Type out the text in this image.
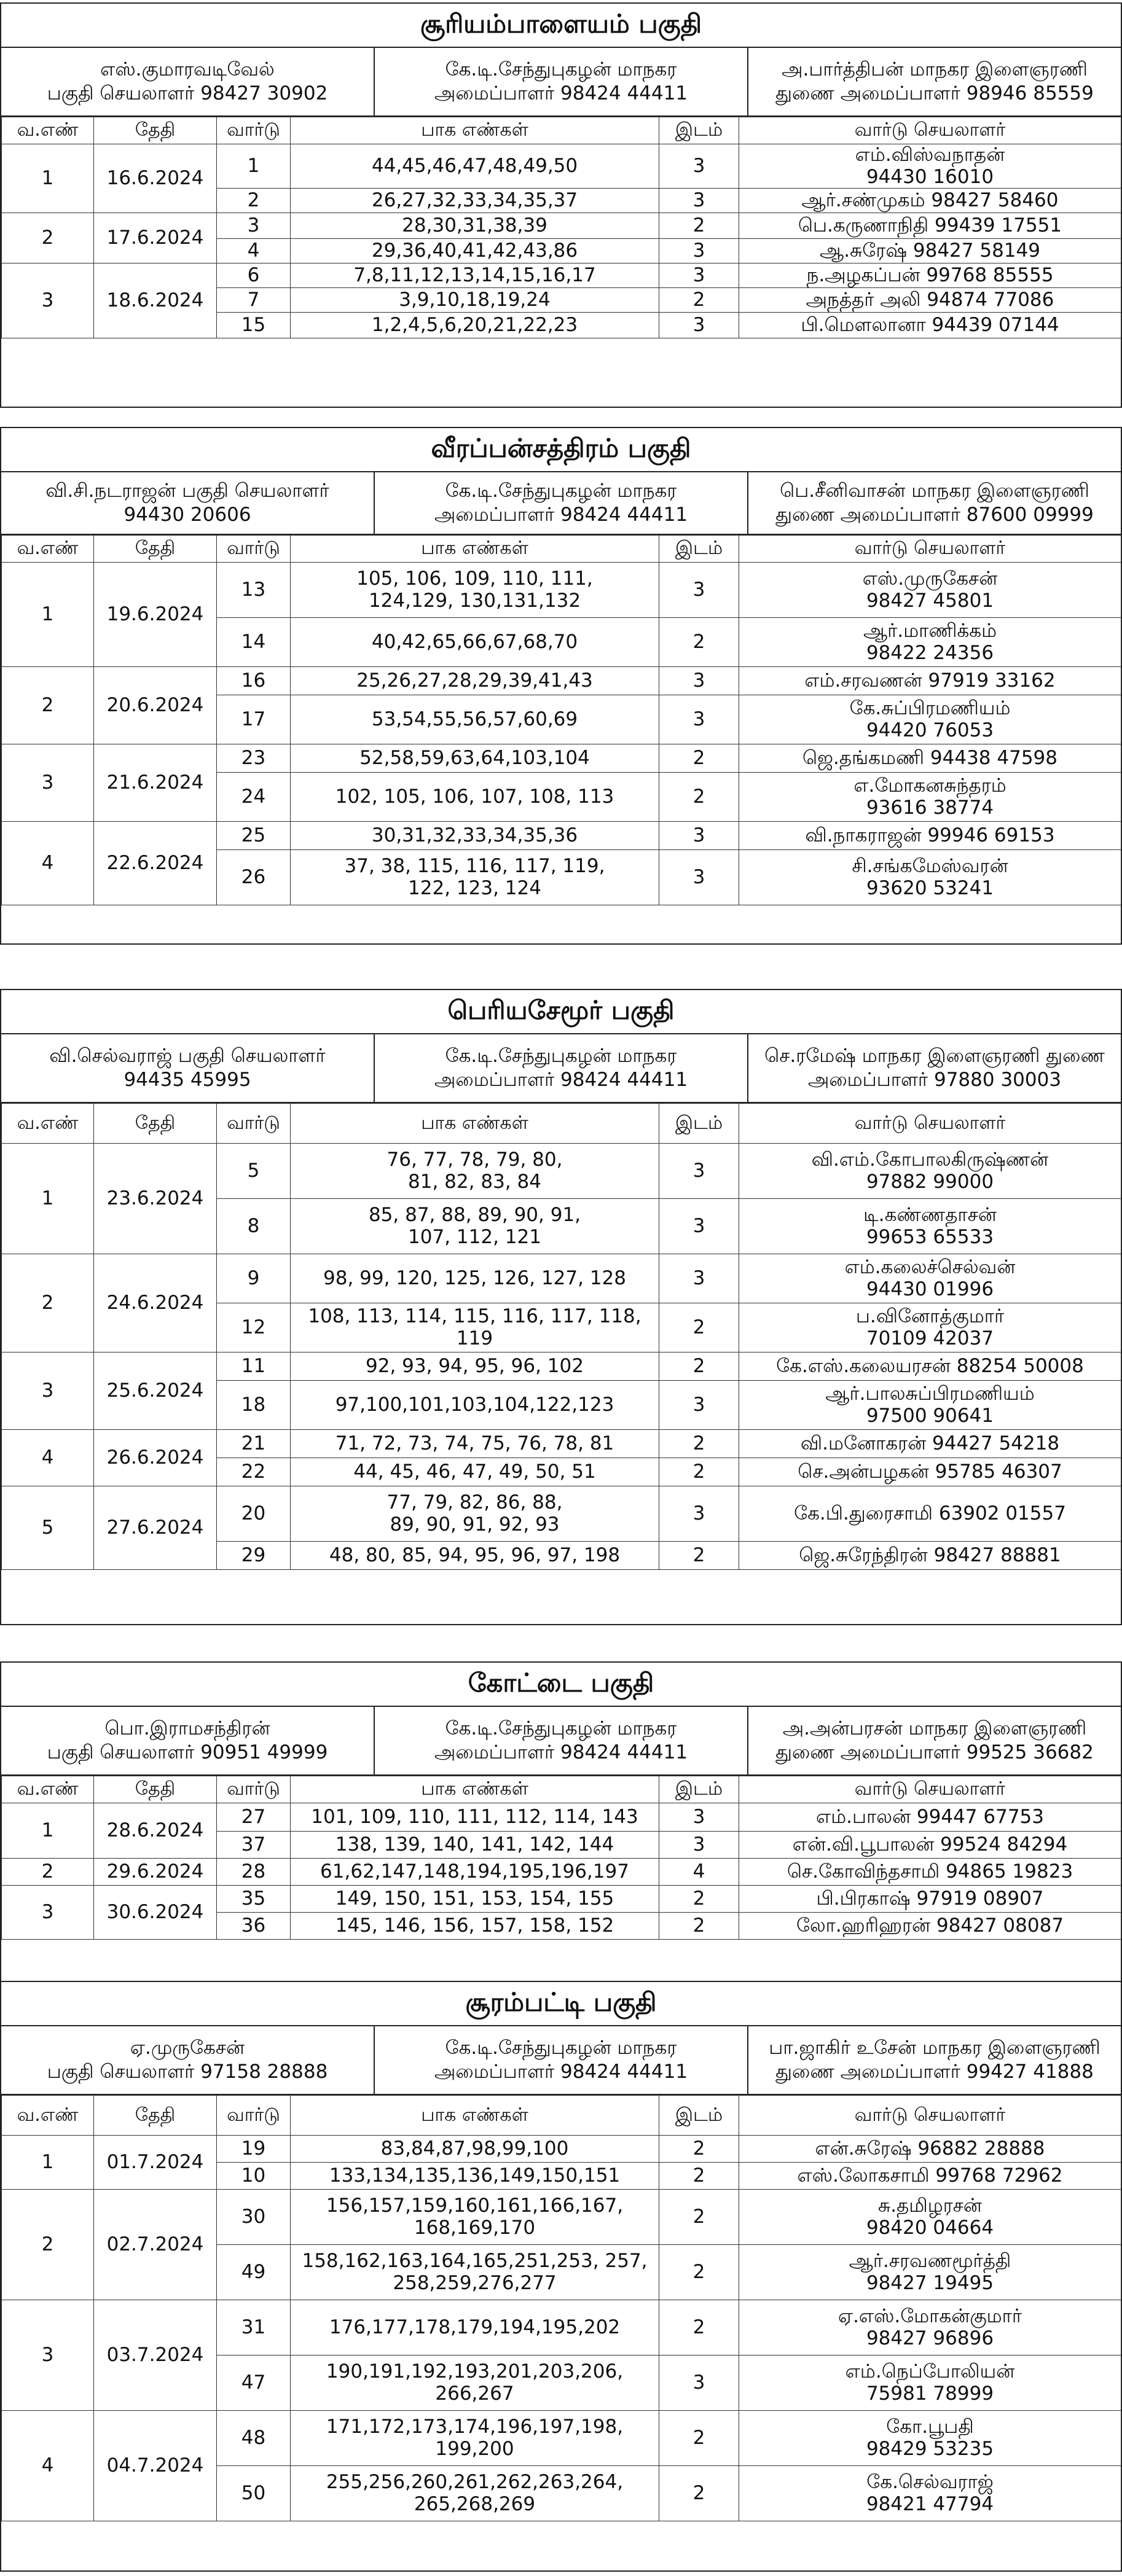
சூரியம்பாளையம் பகுதி
எஸ்.குமாரவடிவேல்
பகுதி செயலாளர் 98427 30902
கே.டி.சேந்துபுகழன் மாநகர
அமைப்பாளர் 98424 44411
அ.பார்த்திபன் மாநகர இளைஞரணி
துணை அமைப்பாளர் 98946 85559
வ.எண்	தேதி	வார்டு	பாக எண்கள்	இடம்	வார்டு செயலாளர்
1	16.6.2024	1	44,45,46,47,48,49,50	3	எம்.விஸ்வநாதன்
94430 16010

		2	26,27,32,33,34,35,37	3	ஆர்.சண்முகம் 98427 58460

2	17.6.2024	3	28,30,31,38,39	2	பெ.கருணாநிதி 99439 17551

		4	29,36,40,41,42,43,86	3	ஆ.சுரேஷ் 98427 58149

3	18.6.2024	6	7,8,11,12,13,14,15,16,17	3	ந.அழகப்பன் 99768 85555

		7	3,9,10,18,19,24	2	அநத்தர் அலி 94874 77086

		15	1,2,4,5,6,20,21,22,23	3	பி.மௌலானா 94439 07144
வீரப்பன்சத்திரம் பகுதி
வி.சி.நடராஜன் பகுதி செயலாளர்
94430 20606
கே.டி.சேந்துபுகழன் மாநகர
அமைப்பாளர் 98424 44411
பெ.சீனிவாசன் மாநகர இளைஞரணி
துணை அமைப்பாளர் 87600 09999
வ.எண்	தேதி	வார்டு	பாக எண்கள்	இடம்	வார்டு செயலாளர்
1	19.6.2024	13	105, 106, 109, 110, 111,
124,129, 130,131,132	3	எஸ்.முருகேசன்
98427 45801

		14	40,42,65,66,67,68,70	2	ஆர்.மாணிக்கம்
98422 24356

2	20.6.2024	16	25,26,27,28,29,39,41,43	3	எம்.சரவணன் 97919 33162

		17	53,54,55,56,57,60,69	3	கே.சுப்பிரமணியம்
94420 76053

3	21.6.2024	23	52,58,59,63,64,103,104	2	ஜெ.தங்கமணி 94438 47598

		24	102, 105, 106, 107, 108, 113	2	எ.மோகனசுந்தரம்
93616 38774

4	22.6.2024	25	30,31,32,33,34,35,36	3	வி.நாகராஜன் 99946 69153

		26	37, 38, 115, 116, 117, 119,
122, 123, 124	3	சி.சங்கமேஸ்வரன்
93620 53241
பெரியசேமூர் பகுதி
வி.செல்வராஜ் பகுதி செயலாளர்
94435 45995
கே.டி.சேந்துபுகழன் மாநகர
அமைப்பாளர் 98424 44411
செ.ரமேஷ் மாநகர இளைஞரணி துணை
அமைப்பாளர் 97880 30003
வ.எண்	தேதி	வார்டு	பாக எண்கள்	இடம்	வார்டு செயலாளர்
1	23.6.2024	5	76, 77, 78, 79, 80,
81, 82, 83, 84	3	வி.எம்.கோபாலகிருஷ்ணன்
97882 99000

		8	85, 87, 88, 89, 90, 91,
107, 112, 121	3	டி.கண்ணதாசன்
99653 65533

2	24.6.2024	9	98, 99, 120, 125, 126, 127, 128	3	எம்.கலைச்செல்வன்
94430 01996

		12	108, 113, 114, 115, 116, 117, 118,
119	2	ப.வினோத்குமார்
70109 42037

3	25.6.2024	11	92, 93, 94, 95, 96, 102	2	கே.எஸ்.கலையரசன் 88254 50008

		18	97,100,101,103,104,122,123	3	ஆர்.பாலசுப்பிரமணியம்
97500 90641

4	26.6.2024	21	71, 72, 73, 74, 75, 76, 78, 81	2	வி.மனோகரன் 94427 54218

		22	44, 45, 46, 47, 49, 50, 51	2	செ.அன்பழகன் 95785 46307

5	27.6.2024	20	77, 79, 82, 86, 88,
89, 90, 91, 92, 93	3	கே.பி.துரைசாமி 63902 01557

		29	48, 80, 85, 94, 95, 96, 97, 198	2	ஜெ.சுரேந்திரன் 98427 88881
கோட்டை பகுதி
பொ.இராமசந்திரன்
பகுதி செயலாளர் 90951 49999
கே.டி.சேந்துபுகழன் மாநகர
அமைப்பாளர் 98424 44411
அ.அன்பரசன் மாநகர இளைஞரணி
துணை அமைப்பாளர் 99525 36682
வ.எண்	தேதி	வார்டு	பாக எண்கள்	இடம்	வார்டு செயலாளர்
1	28.6.2024	27	101, 109, 110, 111, 112, 114, 143	3	எம்.பாலன் 99447 67753

		37	138, 139, 140, 141, 142, 144	3	என்.வி.பூபாலன் 99524 84294

2	29.6.2024	28	61,62,147,148,194,195,196,197	4	செ.கோவிந்தசாமி 94865 19823

3	30.6.2024	35	149, 150, 151, 153, 154, 155	2	பி.பிரகாஷ் 97919 08907

		36	145, 146, 156, 157, 158, 152	2	லோ.ஹரிஹரன் 98427 08087
சூரம்பட்டி பகுதி
ஏ.முருகேசன்
பகுதி செயலாளர் 97158 28888
கே.டி.சேந்துபுகழன் மாநகர
அமைப்பாளர் 98424 44411
பா.ஜாகிர் உசேன் மாநகர இளைஞரணி
துணை அமைப்பாளர் 99427 41888
வ.எண்	தேதி	வார்டு	பாக எண்கள்	இடம்	வார்டு செயலாளர்
1	01.7.2024	19	83,84,87,98,99,100	2	என்.சுரேஷ் 96882 28888

		10	133,134,135,136,149,150,151	2	எஸ்.லோகசாமி 99768 72962

2	02.7.2024	30	156,157,159,160,161,166,167,
168,169,170	2	சு.தமிழரசன்
98420 04664

		49	158,162,163,164,165,251,253, 257,
258,259,276,277	2	ஆர்.சரவணமூர்த்தி
98427 19495

3	03.7.2024	31	176,177,178,179,194,195,202	2	ஏ.எஸ்.மோகன்குமார்
98427 96896

		47	190,191,192,193,201,203,206,
266,267	3	எம்.நெப்போலியன்
75981 78999

4	04.7.2024	48	171,172,173,174,196,197,198,
199,200	2	கோ.பூபதி
98429 53235

		50	255,256,260,261,262,263,264,
265,268,269	2	கே.செல்வராஜ்
98421 47794
